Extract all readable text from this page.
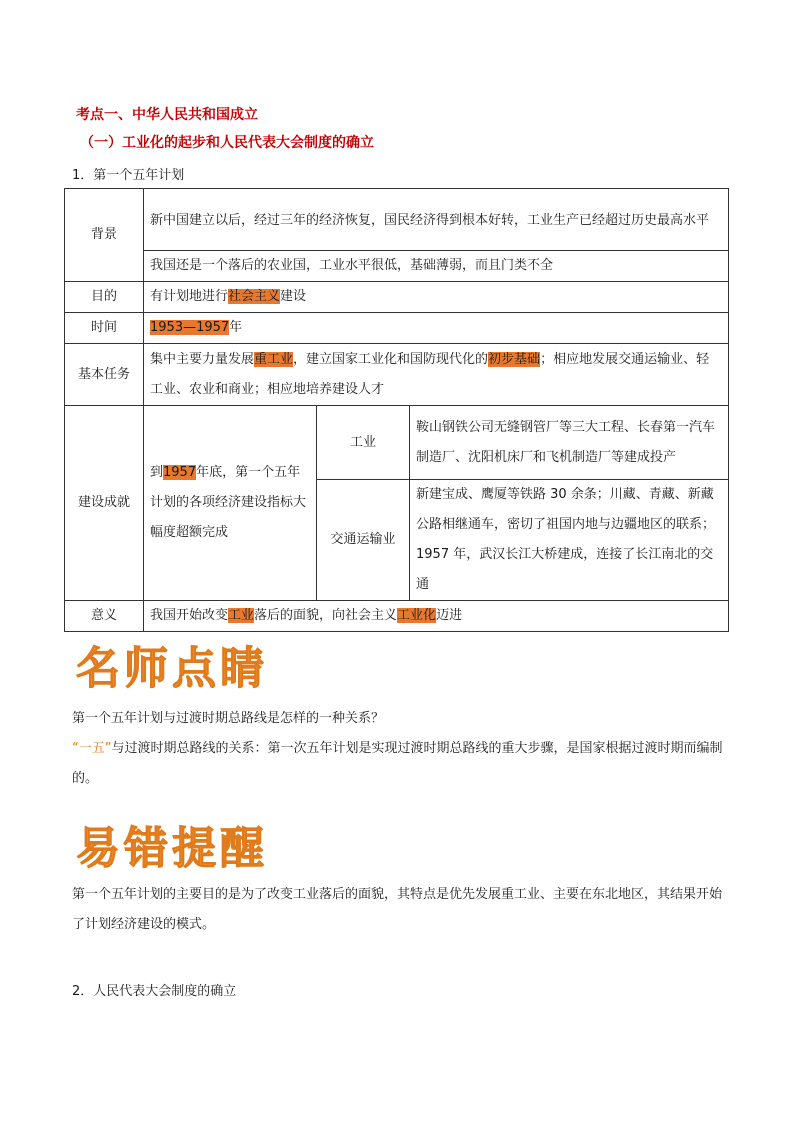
考点一、中华人民共和国成立
（一）工业化的起步和人民代表大会制度的确立
1．第一个五年计划
背景	新中国建立以后，经过三年的经济恢复，国民经济得到根本好转，工业生产已经超过历史最高水平		
	我国还是一个落后的农业国，工业水平很低，基础薄弱，而且门类不全		
目的	有计划地进行社会主义建设		
时间	1953—1957年		
基本任务	集中主要力量发展重工业，建立国家工业化和国防现代化的初步基础；相应地发展交通运输业、轻工业、农业和商业；相应地培养建设人才		
建设成就	到1957年底，第一个五年计划的各项经济建设指标大幅度超额完成	工业	鞍山钢铁公司无缝钢管厂等三大工程、长春第一汽车制造厂、沈阳机床厂和飞机制造厂等建成投产
		交通运输业	新建宝成、鹰厦等铁路 30 余条；川藏、青藏、新藏公路相继通车，密切了祖国内地与边疆地区的联系；1957 年，武汉长江大桥建成，连接了长江南北的交通
意义	我国开始改变工业落后的面貌，向社会主义工业化迈进		
名师点睛
第一个五年计划与过渡时期总路线是怎样的一种关系？
“一五”与过渡时期总路线的关系：第一次五年计划是实现过渡时期总路线的重大步骤，是国家根据过渡时期而编制的。
易错提醒
第一个五年计划的主要目的是为了改变工业落后的面貌，其特点是优先发展重工业、主要在东北地区，其结果开始了计划经济建设的模式。
2．人民代表大会制度的确立
